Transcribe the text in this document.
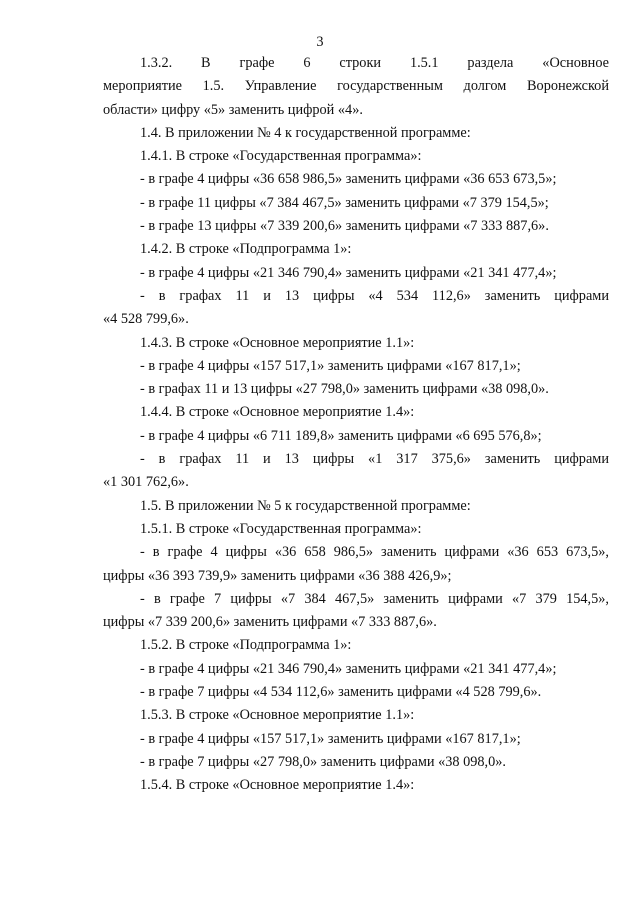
3
1.3.2. В графе 6 строки 1.5.1 раздела «Основное
мероприятие 1.5. Управление государственным долгом Воронежской
области» цифру «5» заменить цифрой «4».
1.4. В приложении № 4 к государственной программе:
1.4.1. В строке «Государственная программа»:
- в графе 4 цифры «36 658 986,5» заменить цифрами «36 653 673,5»;
- в графе 11 цифры «7 384 467,5» заменить цифрами «7 379 154,5»;
- в графе 13 цифры «7 339 200,6» заменить цифрами «7 333 887,6».
1.4.2. В строке «Подпрограмма 1»:
- в графе 4 цифры «21 346 790,4» заменить цифрами «21 341 477,4»;
- в графах 11 и 13 цифры «4 534 112,6» заменить цифрами
«4 528 799,6».
1.4.3. В строке «Основное мероприятие 1.1»:
- в графе 4 цифры «157 517,1» заменить цифрами «167 817,1»;
- в графах 11 и 13 цифры «27 798,0» заменить цифрами «38 098,0».
1.4.4. В строке «Основное мероприятие 1.4»:
- в графе 4 цифры «6 711 189,8» заменить цифрами «6 695 576,8»;
- в графах 11 и 13 цифры «1 317 375,6» заменить цифрами
«1 301 762,6».
1.5. В приложении № 5 к государственной программе:
1.5.1. В строке «Государственная программа»:
- в графе 4 цифры «36 658 986,5» заменить цифрами «36 653 673,5»,
цифры «36 393 739,9» заменить цифрами «36 388 426,9»;
- в графе 7 цифры «7 384 467,5» заменить цифрами «7 379 154,5»,
цифры «7 339 200,6» заменить цифрами «7 333 887,6».
1.5.2. В строке «Подпрограмма 1»:
- в графе 4 цифры «21 346 790,4» заменить цифрами «21 341 477,4»;
- в графе 7 цифры «4 534 112,6» заменить цифрами «4 528 799,6».
1.5.3. В строке «Основное мероприятие 1.1»:
- в графе 4 цифры «157 517,1» заменить цифрами «167 817,1»;
- в графе 7 цифры «27 798,0» заменить цифрами «38 098,0».
1.5.4. В строке «Основное мероприятие 1.4»:
